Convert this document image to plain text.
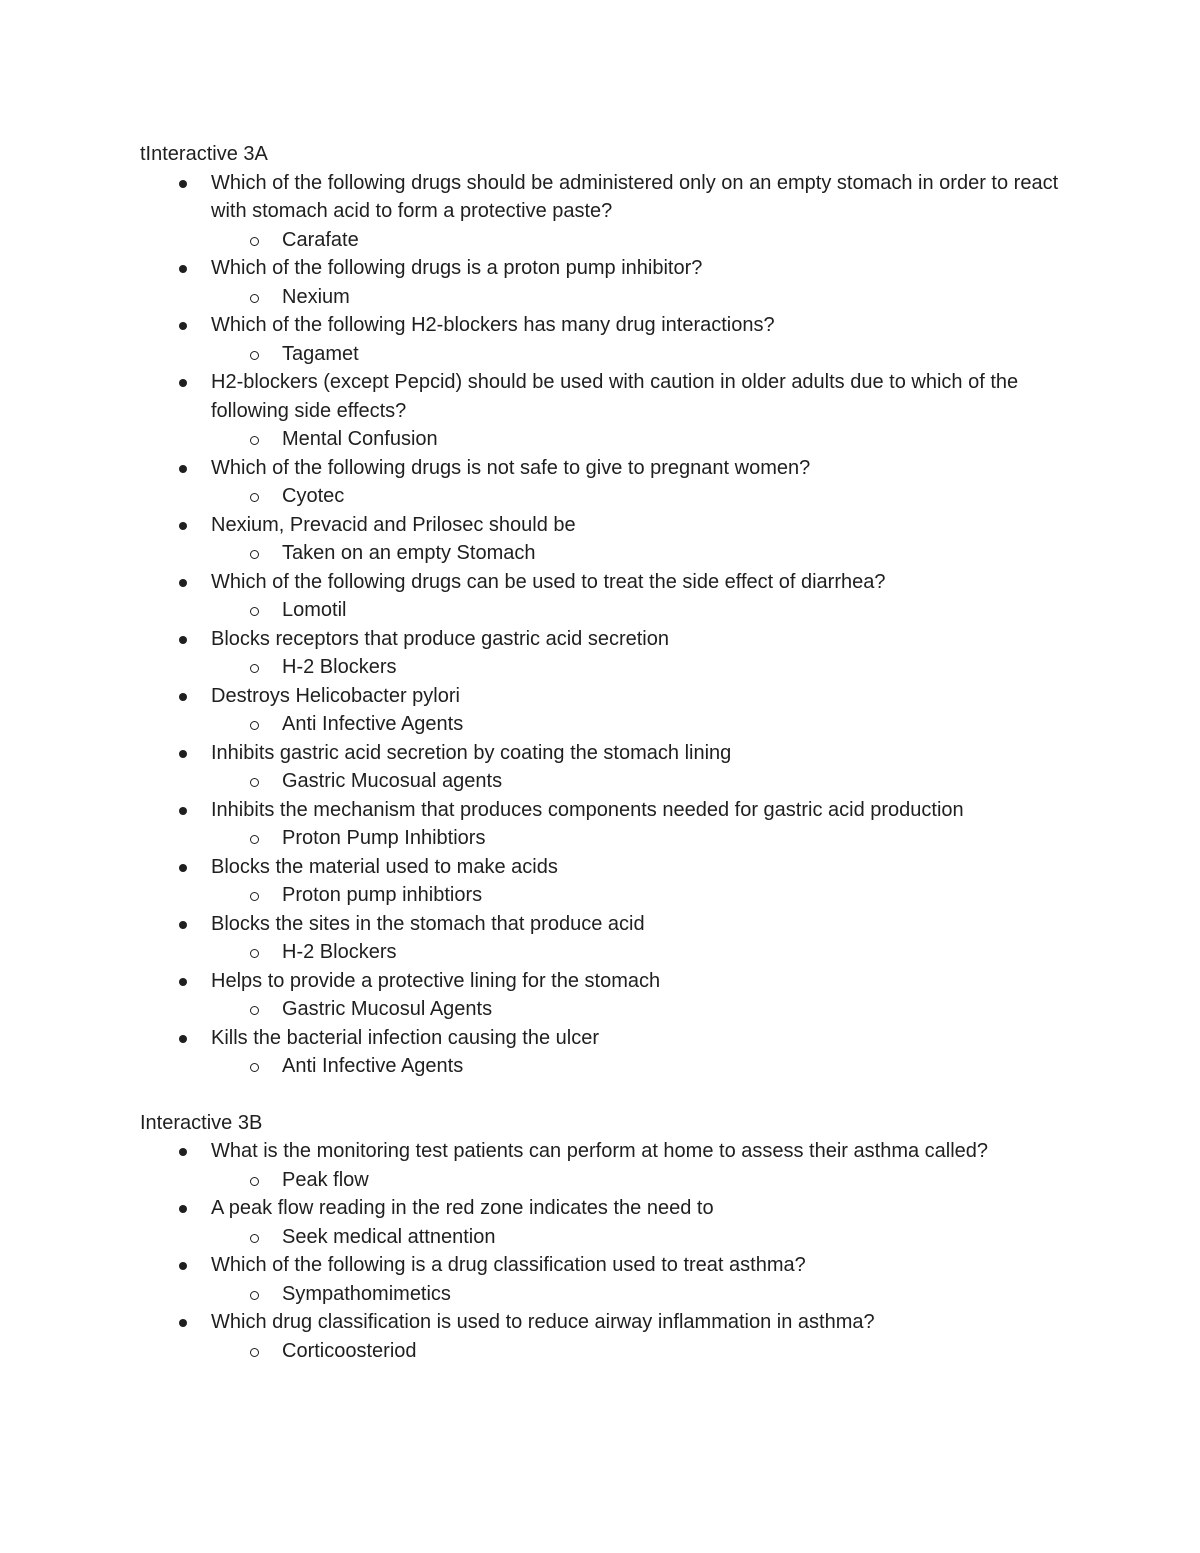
tInteractive 3A

Which of the following drugs should be administered only on an empty stomach in order to react with stomach acid to form a protective paste?
Carafate
Which of the following drugs is a proton pump inhibitor?
Nexium
Which of the following H2-blockers has many drug interactions?
Tagamet
H2-blockers (except Pepcid) should be used with caution in older adults due to which of the following side effects?
Mental Confusion
Which of the following drugs is not safe to give to pregnant women?
Cyotec
Nexium, Prevacid and Prilosec should be
Taken on an empty Stomach
Which of the following drugs can be used to treat the side effect of diarrhea?
Lomotil
Blocks receptors that produce gastric acid secretion
H-2 Blockers
Destroys Helicobacter pylori
Anti Infective Agents
Inhibits gastric acid secretion by coating the stomach lining
Gastric Mucosual agents
Inhibits the mechanism that produces components needed for gastric acid production
Proton Pump Inhibtiors
Blocks the material used to make acids
Proton pump inhibtiors
Blocks the sites in the stomach that produce acid
H-2 Blockers
Helps to provide a protective lining for the stomach
Gastric Mucosul Agents
Kills the bacterial infection causing the ulcer
Anti Infective Agents

Interactive 3B

What is the monitoring test patients can perform at home to assess their asthma called?
Peak flow
A peak flow reading in the red zone indicates the need to
Seek medical attnention
Which of the following is a drug classification used to treat asthma?
Sympathomimetics
Which drug classification is used to reduce airway inflammation in asthma?
Corticoosteriod
